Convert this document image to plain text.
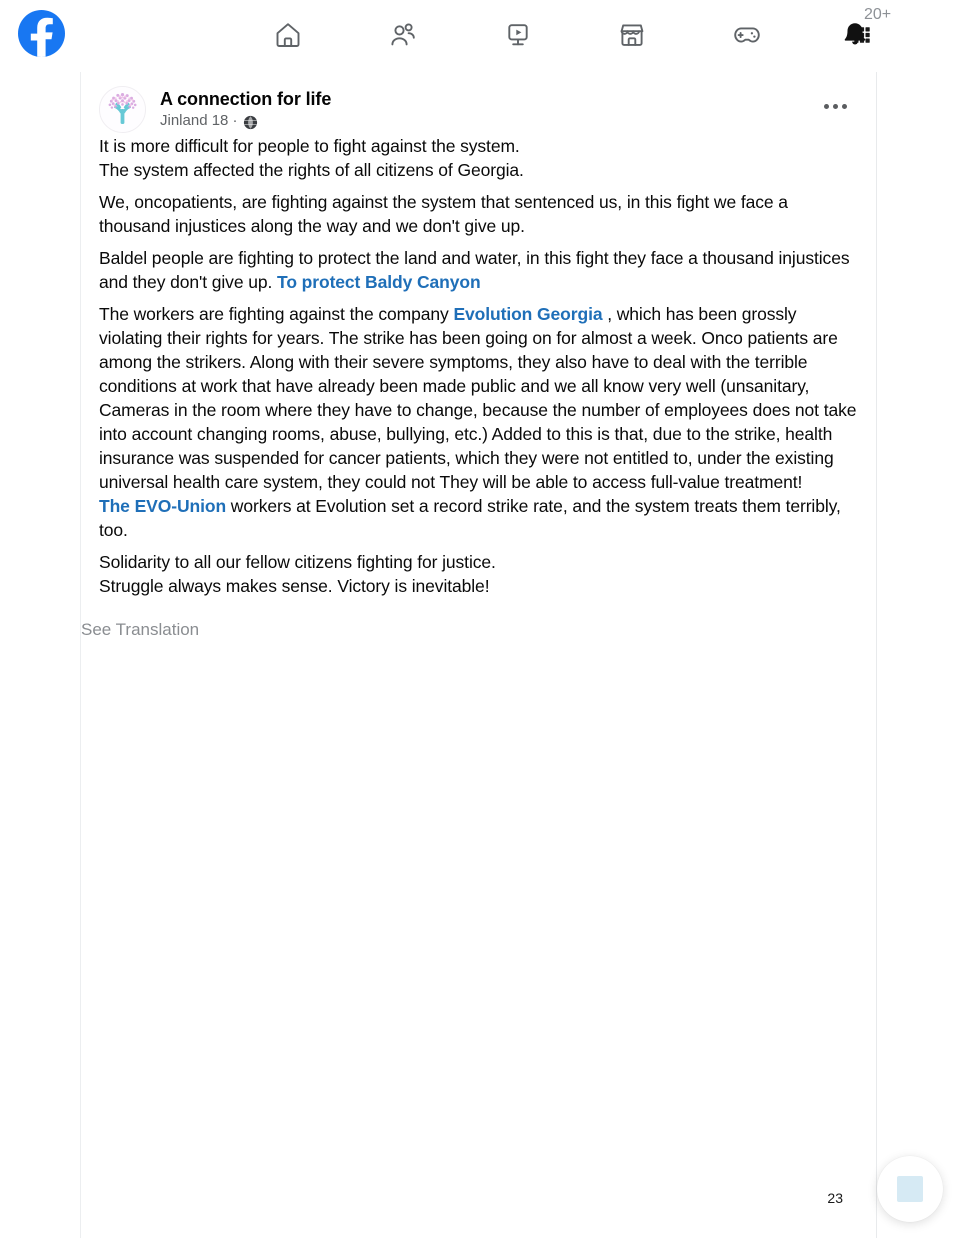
20+
A connection for life
Jinland 18 ·

It is more difficult for people to fight against the system.

The system affected the rights of all citizens of Georgia.

We, oncopatients, are fighting against the system that sentenced us, in this fight we face a thousand injustices along the way and we don't give up.

Baldel people are fighting to protect the land and water, in this fight they face a thousand injustices and they don't give up. To protect Baldy Canyon

The workers are fighting against the company Evolution Georgia , which has been grossly violating their rights for years. The strike has been going on for almost a week. Onco patients are among the strikers. Along with their severe symptoms, they also have to deal with the terrible conditions at work that have already been made public and we all know very well (unsanitary, Cameras in the room where they have to change, because the number of employees does not take into account changing rooms, abuse, bullying, etc.) Added to this is that, due to the strike, health insurance was suspended for cancer patients, which they were not entitled to, under the existing universal health care system, they could not They will be able to access full-value treatment!

The EVO-Union workers at Evolution set a record strike rate, and the system treats them terribly, too.

Solidarity to all our fellow citizens fighting for justice.

Struggle always makes sense. Victory is inevitable!

See Translation
23
